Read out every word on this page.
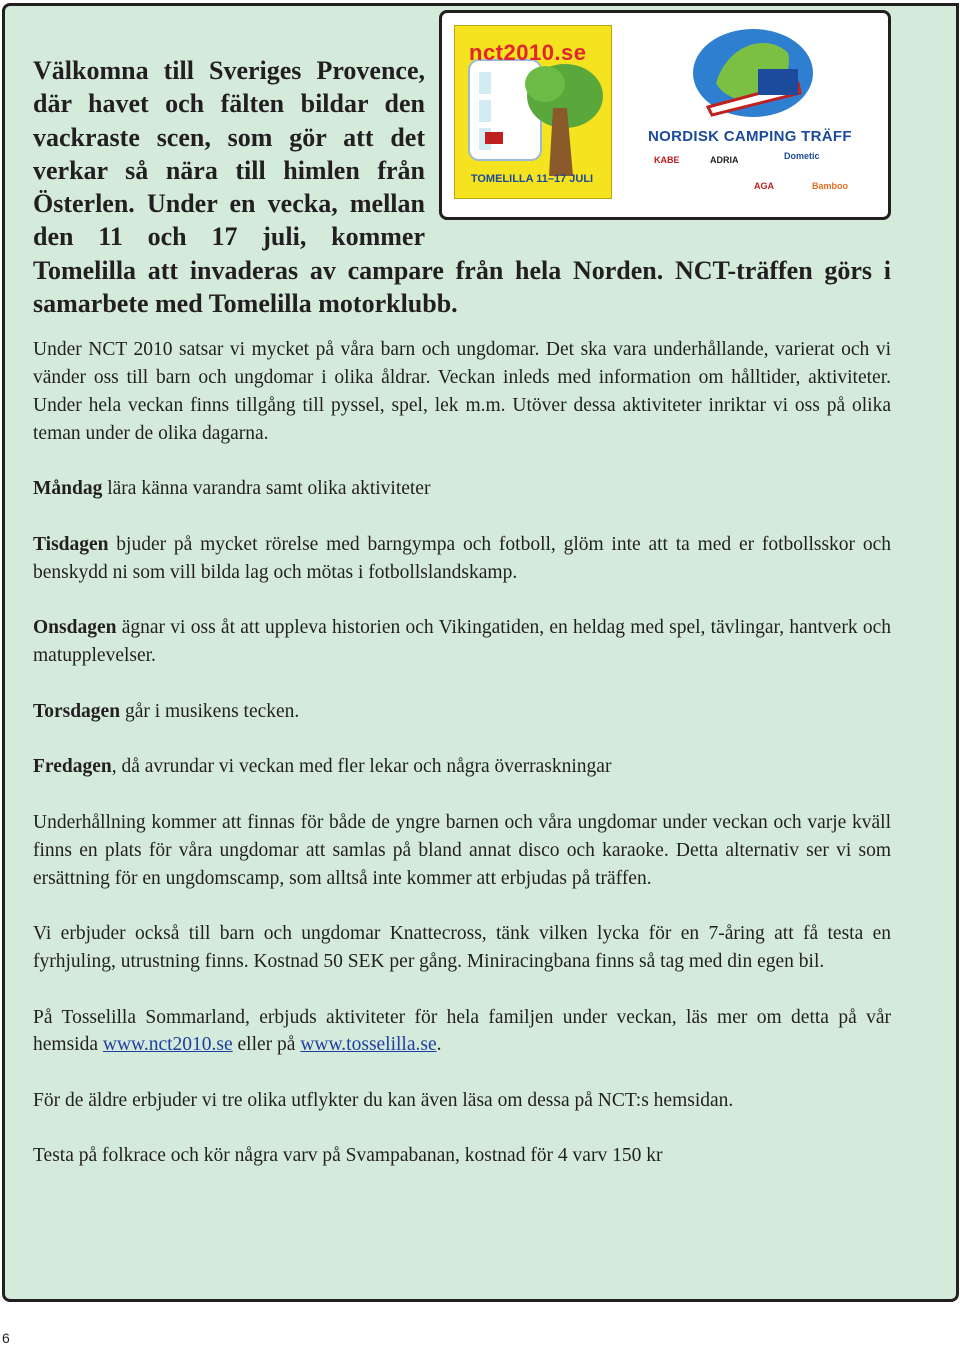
nct2010.se
TOMELILLA 11–17 JULI
NORDISK CAMPING TRÄFF
KABE	ADRIA	Dometic
AGA	Bamboo

Välkomna till Sveriges Provence, där havet och fälten bildar den vackraste scen, som gör att det verkar så nära till himlen från Österlen. Under en vecka, mellan den 11 och 17 juli, kommer Tomelilla att invaderas av campare från hela Norden. NCT-träffen görs i samarbete med Tomelilla motorklubb.

Under NCT 2010 satsar vi mycket på våra barn och ungdomar. Det ska vara underhållande, varierat och vi vänder oss till barn och ungdomar i olika åldrar. Veckan inleds med information om hålltider, aktiviteter. Under hela veckan finns tillgång till pyssel, spel, lek m.m. Utöver dessa aktiviteter inriktar vi oss på olika teman under de olika dagarna.

Måndag lära känna varandra samt olika aktiviteter

Tisdagen bjuder på mycket rörelse med barngympa och fotboll, glöm inte att ta med er fotbollsskor och benskydd ni som vill bilda lag och mötas i fotbollslandskamp.

Onsdagen ägnar vi oss åt att uppleva historien och Vikingatiden, en heldag med spel, tävlingar, hantverk och matupplevelser.

Torsdagen går i musikens tecken.

Fredagen, då avrundar vi veckan med fler lekar och några överraskningar

Underhållning kommer att finnas för både de yngre barnen och våra ungdomar under veckan och varje kväll finns en plats för våra ungdomar att samlas på bland annat disco och karaoke. Detta alternativ ser vi som ersättning för en ungdomscamp, som alltså inte kommer att erbjudas på träffen.

Vi erbjuder också till barn och ungdomar Knattecross, tänk vilken lycka för en 7-åring att få testa en fyrhjuling, utrustning finns. Kostnad 50 SEK per gång. Miniracingbana finns så tag med din egen bil.

På Tosselilla Sommarland, erbjuds aktiviteter för hela familjen under veckan, läs mer om detta på vår hemsida www.nct2010.se eller på www.tosselilla.se.

För de äldre erbjuder vi tre olika utflykter du kan även läsa om dessa på NCT:s hemsidan.

Testa på folkrace och kör några varv på Svampabanan, kostnad för 4 varv 150 kr

6
